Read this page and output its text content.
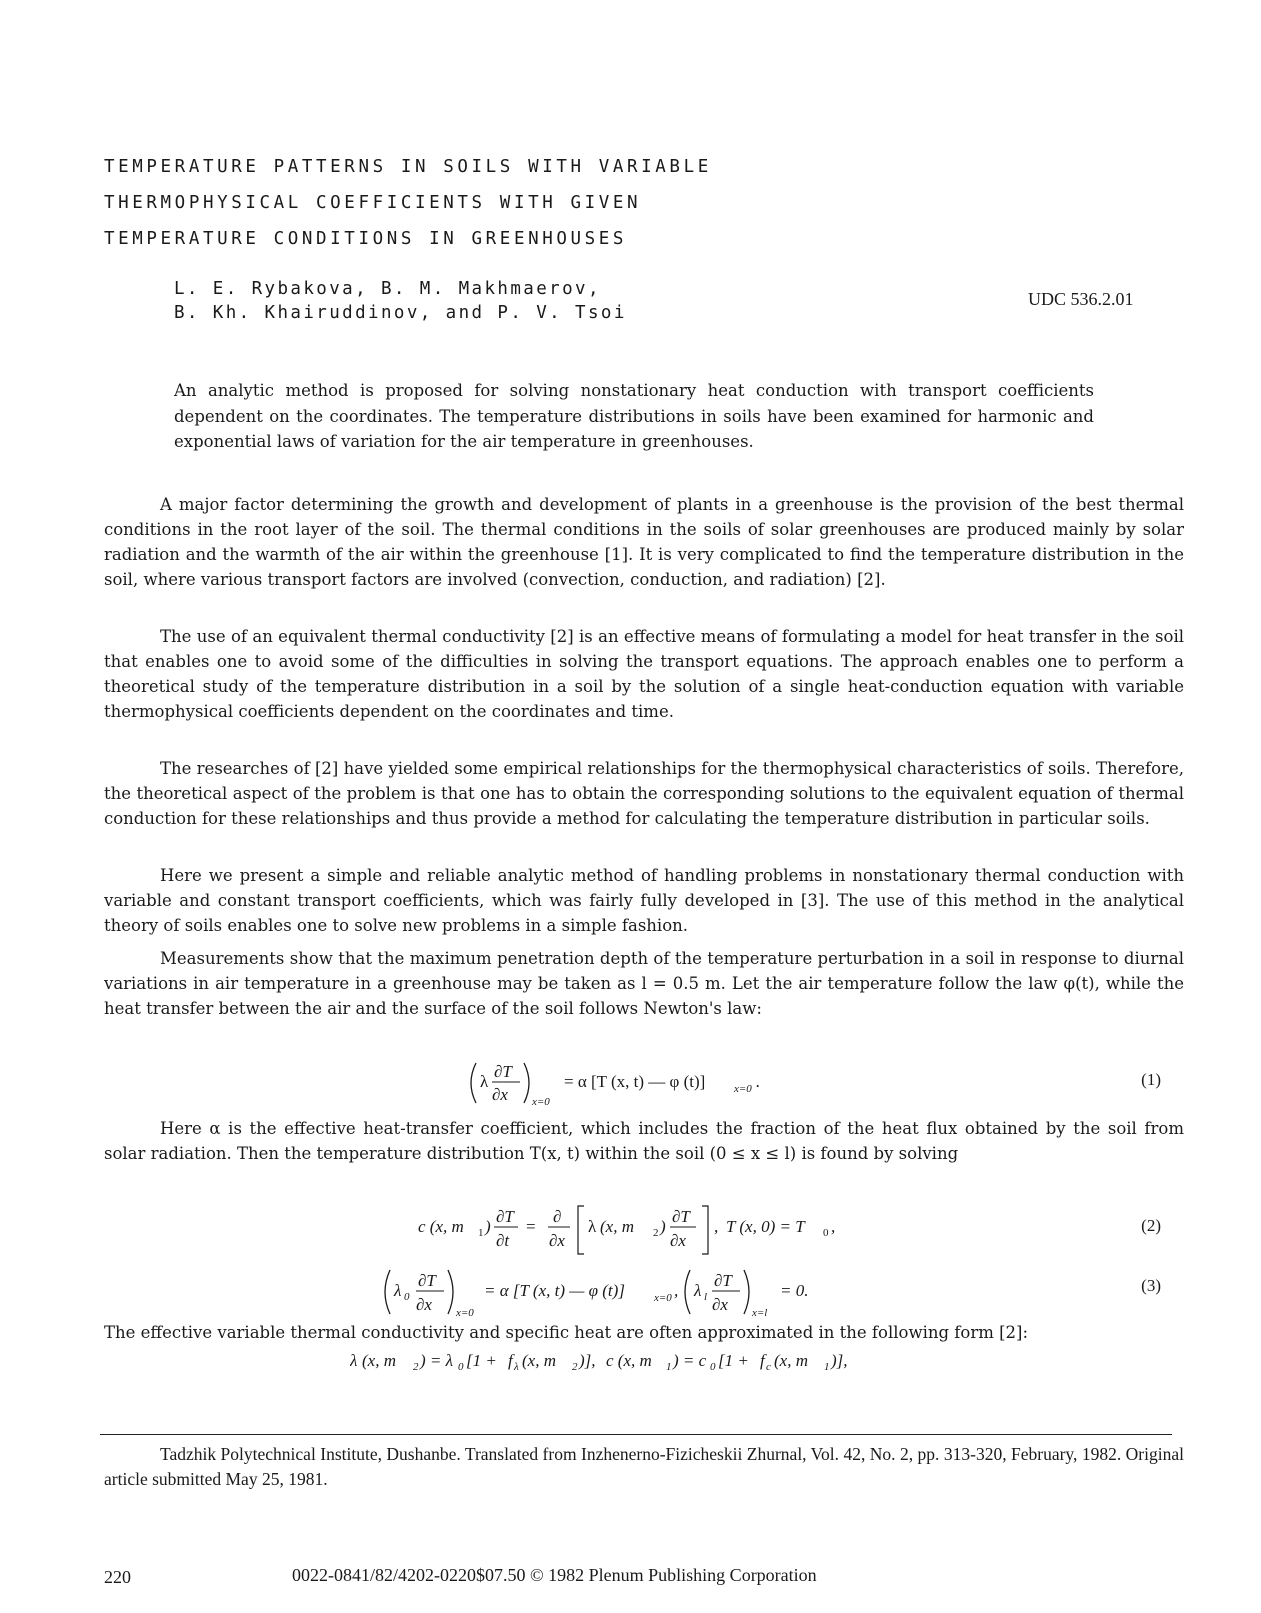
TEMPERATURE PATTERNS IN SOILS WITH VARIABLE
THERMOPHYSICAL COEFFICIENTS WITH GIVEN
TEMPERATURE CONDITIONS IN GREENHOUSES
L. E. Rybakova, B. M. Makhmaerov,
B. Kh. Khairuddinov, and P. V. Tsoi
UDC 536.2.01
An analytic method is proposed for solving nonstationary heat conduction with transport coefficients dependent on the coordinates. The temperature distributions in soils have been examined for harmonic and exponential laws of variation for the air temperature in greenhouses.

A major factor determining the growth and development of plants in a greenhouse is the provision of the best thermal conditions in the root layer of the soil. The thermal conditions in the soils of solar greenhouses are produced mainly by solar radiation and the warmth of the air within the greenhouse [1]. It is very complicated to find the temperature distribution in the soil, where various transport factors are involved (convection, conduction, and radiation) [2].

The use of an equivalent thermal conductivity [2] is an effective means of formulating a model for heat transfer in the soil that enables one to avoid some of the difficulties in solving the transport equations. The approach enables one to perform a theoretical study of the temperature distribution in a soil by the solution of a single heat-conduction equation with variable thermophysical coefficients dependent on the coordinates and time.

The researches of [2] have yielded some empirical relationships for the thermophysical characteristics of soils. Therefore, the theoretical aspect of the problem is that one has to obtain the corresponding solutions to the equivalent equation of thermal conduction for these relationships and thus provide a method for calculating the temperature distribution in particular soils.

Here we present a simple and reliable analytic method of handling problems in nonstationary thermal conduction with variable and constant transport coefficients, which was fairly fully developed in [3]. The use of this method in the analytical theory of soils enables one to solve new problems in a simple fashion.

Measurements show that the maximum penetration depth of the temperature perturbation in a soil in response to diurnal variations in air temperature in a greenhouse may be taken as l = 0.5 m. Let the air temperature follow the law φ(t), while the heat transfer between the air and the surface of the soil follows Newton's law:

λ
∂T
∂x x=0
= α [T (x, t) — φ (t)]	x=0 .	(1)

Here α is the effective heat-transfer coefficient, which includes the fraction of the heat flux obtained by the soil from solar radiation. Then the temperature distribution T(x, t) within the soil (0 ≤ x ≤ l) is found by solving

c (x, m 1 )
∂T
∂t
=
∂
∂x
λ (x, m 2 )
∂T
∂x
, T (x, 0) = T 0 ,	(2)
λ 0
∂T
∂x x=0
= α [T (x, t) — φ (t)]	x=0 , λ l
∂T
∂x x=l
= 0.	(3)

The effective variable thermal conductivity and specific heat are often approximated in the following form [2]:

λ (x, m 2 ) = λ 0 [1 + f λ (x, m 2 )], c (x, m 1 ) = c 0 [1 + f c (x, m 1 )],

Tadzhik Polytechnical Institute, Dushanbe. Translated from Inzhenerno-Fizicheskii Zhurnal, Vol. 42, No. 2, pp. 313-320, February, 1982. Original article submitted May 25, 1981.

220	0022-0841/82/4202-0220$07.50 © 1982 Plenum Publishing Corporation
